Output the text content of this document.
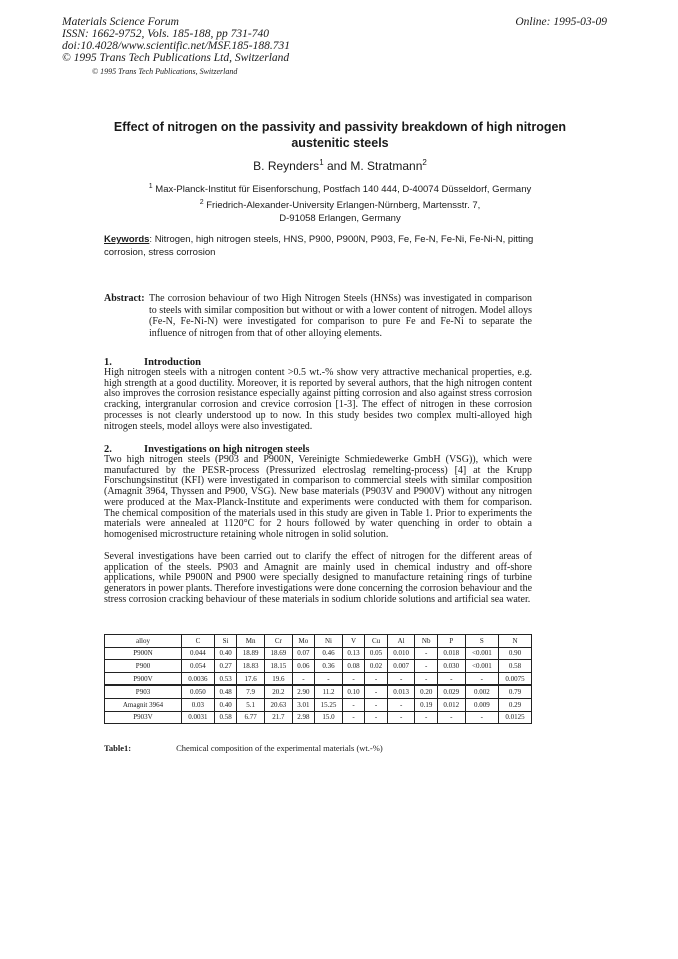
Materials Science Forum
ISSN: 1662-9752, Vols. 185-188, pp 731-740
doi:10.4028/www.scientific.net/MSF.185-188.731
© 1995 Trans Tech Publications Ltd, Switzerland
Online: 1995-03-09
© 1995 Trans Tech Publications, Switzerland
Effect of nitrogen on the passivity and passivity breakdown of high nitrogen austenitic steels
B. Reynders$^1$ and M. Stratmann$^2$
$^1$ Max-Planck-Institut für Eisenforschung, Postfach 140 444, D-40074 Düsseldorf, Germany
$^2$ Friedrich-Alexander-University Erlangen-Nürnberg, Martensstr. 7,
D-91058 Erlangen, Germany
Keywords: Nitrogen, high nitrogen steels, HNS, P900, P900N, P903, Fe, Fe-N, Fe-Ni, Fe-Ni-N, pitting corrosion, stress corrosion
Abstract: The corrosion behaviour of two High Nitrogen Steels (HNSs) was investigated in comparison to steels with similar composition but without or with a lower content of nitrogen. Model alloys (Fe-N, Fe-Ni-N) were investigated for comparison to pure Fe and Fe-Ni to separate the influence of nitrogen from that of other alloying elements.
1.	Introduction
High nitrogen steels with a nitrogen content >0.5 wt.-% show very attractive mechanical properties, e.g. high strength at a good ductility. Moreover, it is reported by several authors, that the high nitrogen content also improves the corrosion resistance especially against pitting corrosion and also against stress corrosion cracking, intergranular corrosion and crevice corrosion [1-3]. The effect of nitrogen in these corrosion processes is not clearly understood up to now. In this study besides two complex multi-alloyed high nitrogen steels, model alloys were also investigated.
2.	Investigations on high nitrogen steels
Two high nitrogen steels (P903 and P900N, Vereinigte Schmiedewerke GmbH (VSG)), which were manufactured by the PESR-process (Pressurized electroslag remelting-process) [4] at the Krupp Forschungsinstitut (KFI) were investigated in comparison to commercial steels with similar composition (Amagnit 3964, Thyssen and P900, VSG). New base materials (P903V and P900V) without any nitrogen were produced at the Max-Planck-Institute and experiments were conducted with them for comparison. The chemical composition of the materials used in this study are given in Table 1. Prior to experiments the materials were annealed at 1120°C for 2 hours followed by water quenching in order to obtain a homogenised microstructure retaining whole nitrogen in solid solution.
Several investigations have been carried out to clarify the effect of nitrogen for the different areas of application of the steels. P903 and Amagnit are mainly used in chemical industry and off-shore applications, while P900N and P900 were specially designed to manufacture retaining rings of turbine generators in power plants. Therefore investigations were done concerning the corrosion behaviour and the stress corrosion cracking behaviour of these materials in sodium chloride solutions and artificial sea water.
alloy	C	Si	Mn	Cr	Mo	Ni	V	Cu	Al	Nb	P	S	N
P900N	0.044	0.40	18.89	18.69	0.07	0.46	0.13	0.05	0.010	-	0.018	<0.001	0.90
P900	0.054	0.27	18.83	18.15	0.06	0.36	0.08	0.02	0.007	-	0.030	<0.001	0.58
P900V	0.0036	0.53	17.6	19.6	-	-	-	-	-	-	-	-	0.0075
P903	0.050	0.48	7.9	20.2	2.90	11.2	0.10	-	0.013	0.20	0.029	0.002	0.79
Amagnit 3964	0.03	0.40	5.1	20.63	3.01	15.25	-	-	-	0.19	0.012	0.009	0.29
P903V	0.0031	0.58	6.77	21.7	2.98	15.0	-	-	-	-	-	-	0.0125
Table1:	Chemical composition of the experimental materials (wt.-%)
